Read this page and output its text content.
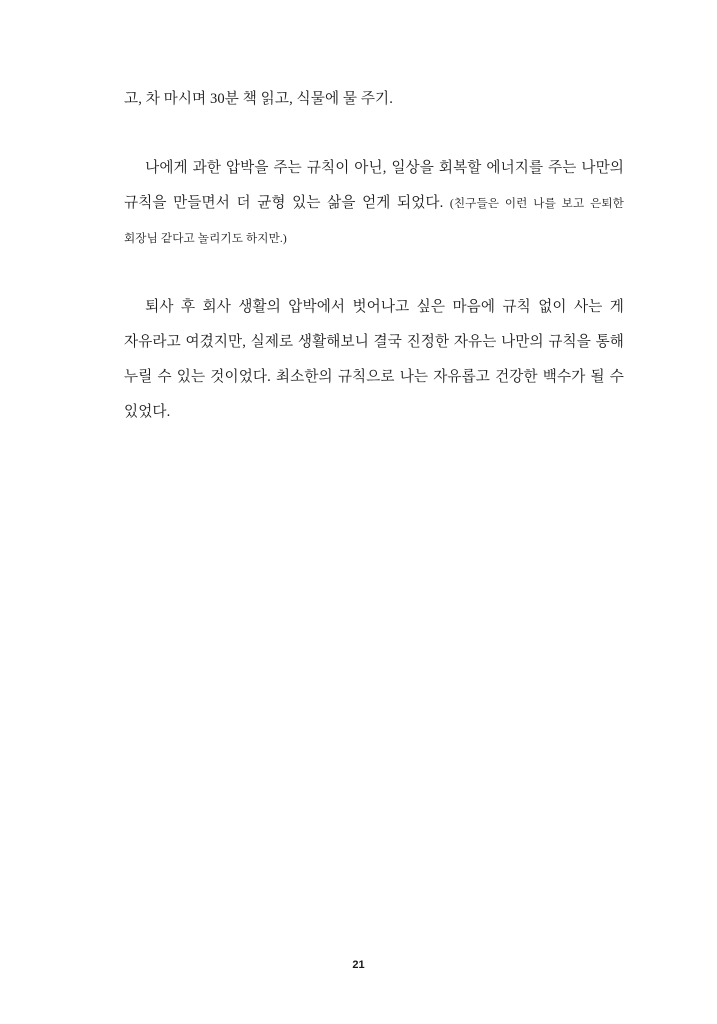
고, 차 마시며 30분 책 읽고, 식물에 물 주기.

나에게 과한 압박을 주는 규칙이 아닌, 일상을 회복할 에너지를 주는 나만의 규칙을 만들면서 더 균형 있는 삶을 얻게 되었다. (친구들은 이런 나를 보고 은퇴한 회장님 같다고 놀리기도 하지만.)

퇴사 후 회사 생활의 압박에서 벗어나고 싶은 마음에 규칙 없이 사는 게 자유라고 여겼지만, 실제로 생활해보니 결국 진정한 자유는 나만의 규칙을 통해 누릴 수 있는 것이었다. 최소한의 규칙으로 나는 자유롭고 건강한 백수가 될 수 있었다.

21
